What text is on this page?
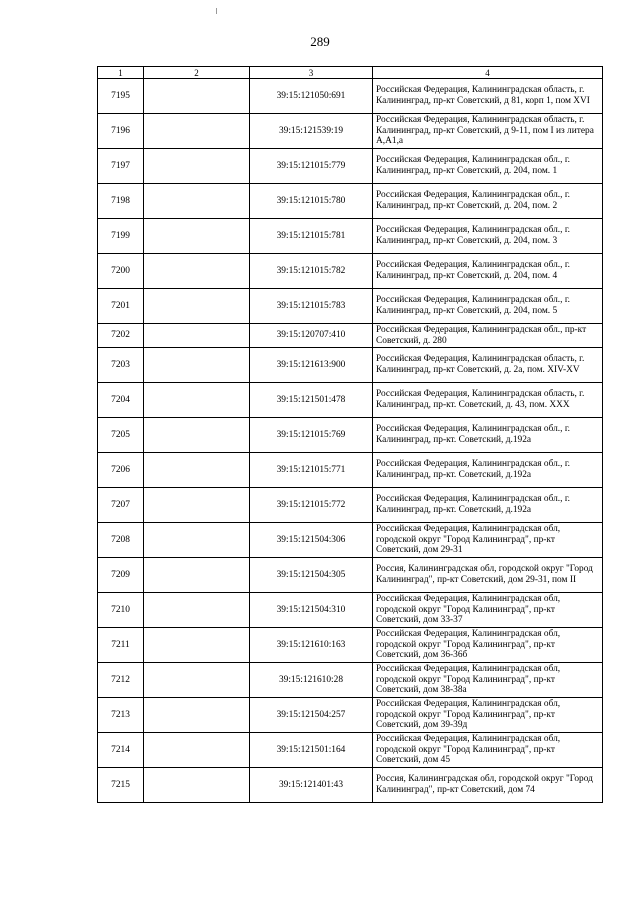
289
1	2	3	4
7195		39:15:121050:691	Российская Федерация, Калининградская область, г. Калининград, пр-кт Советский, д 81, корп 1, пом XVI
7196		39:15:121539:19	Российская Федерация, Калининградская область, г. Калининград, пр-кт Советский, д 9-11, пом I из литера А,А1,а
7197		39:15:121015:779	Российская Федерация, Калининградская обл., г. Калининград, пр-кт Советский, д. 204, пом. 1
7198		39:15:121015:780	Российская Федерация, Калининградская обл., г. Калининград, пр-кт Советский, д. 204, пом. 2
7199		39:15:121015:781	Российская Федерация, Калининградская обл., г. Калининград, пр-кт Советский, д. 204, пом. 3
7200		39:15:121015:782	Российская Федерация, Калининградская обл., г. Калининград, пр-кт Советский, д. 204, пом. 4
7201		39:15:121015:783	Российская Федерация, Калининградская обл., г. Калининград, пр-кт Советский, д. 204, пом. 5
7202		39:15:120707:410	Российская Федерация, Калининградская обл., пр-кт Советский, д. 280
7203		39:15:121613:900	Российская Федерация, Калининградская область, г. Калининград, пр-кт Советский, д. 2а, пом. XIV-XV
7204		39:15:121501:478	Российская Федерация, Калининградская область, г. Калининград, пр-кт. Советский, д. 43, пом. XXX
7205		39:15:121015:769	Российская Федерация, Калининградская обл., г. Калининград, пр-кт. Советский, д.192а
7206		39:15:121015:771	Российская Федерация, Калининградская обл., г. Калининград, пр-кт. Советский, д.192а
7207		39:15:121015:772	Российская Федерация, Калининградская обл., г. Калининград, пр-кт. Советский, д.192а
7208		39:15:121504:306	Российская Федерация, Калининградская обл, городской округ "Город Калининград", пр-кт Советский, дом 29-31
7209		39:15:121504:305	Россия, Калининградская обл, городской округ "Город Калининград", пр-кт Советский, дом 29-31, пом II
7210		39:15:121504:310	Российская Федерация, Калининградская обл, городской округ "Город Калининград", пр-кт Советский, дом 33-37
7211		39:15:121610:163	Российская Федерация, Калининградская обл, городской округ "Город Калининград", пр-кт Советский, дом 36-36б
7212		39:15:121610:28	Российская Федерация, Калининградская обл, городской округ "Город Калининград", пр-кт Советский, дом 38-38а
7213		39:15:121504:257	Российская Федерация, Калининградская обл, городской округ "Город Калининград", пр-кт Советский, дом 39-39д
7214		39:15:121501:164	Российская Федерация, Калининградская обл, городской округ "Город Калининград", пр-кт Советский, дом 45
7215		39:15:121401:43	Россия, Калининградская обл, городской округ "Город Калининград", пр-кт Советский, дом 74
